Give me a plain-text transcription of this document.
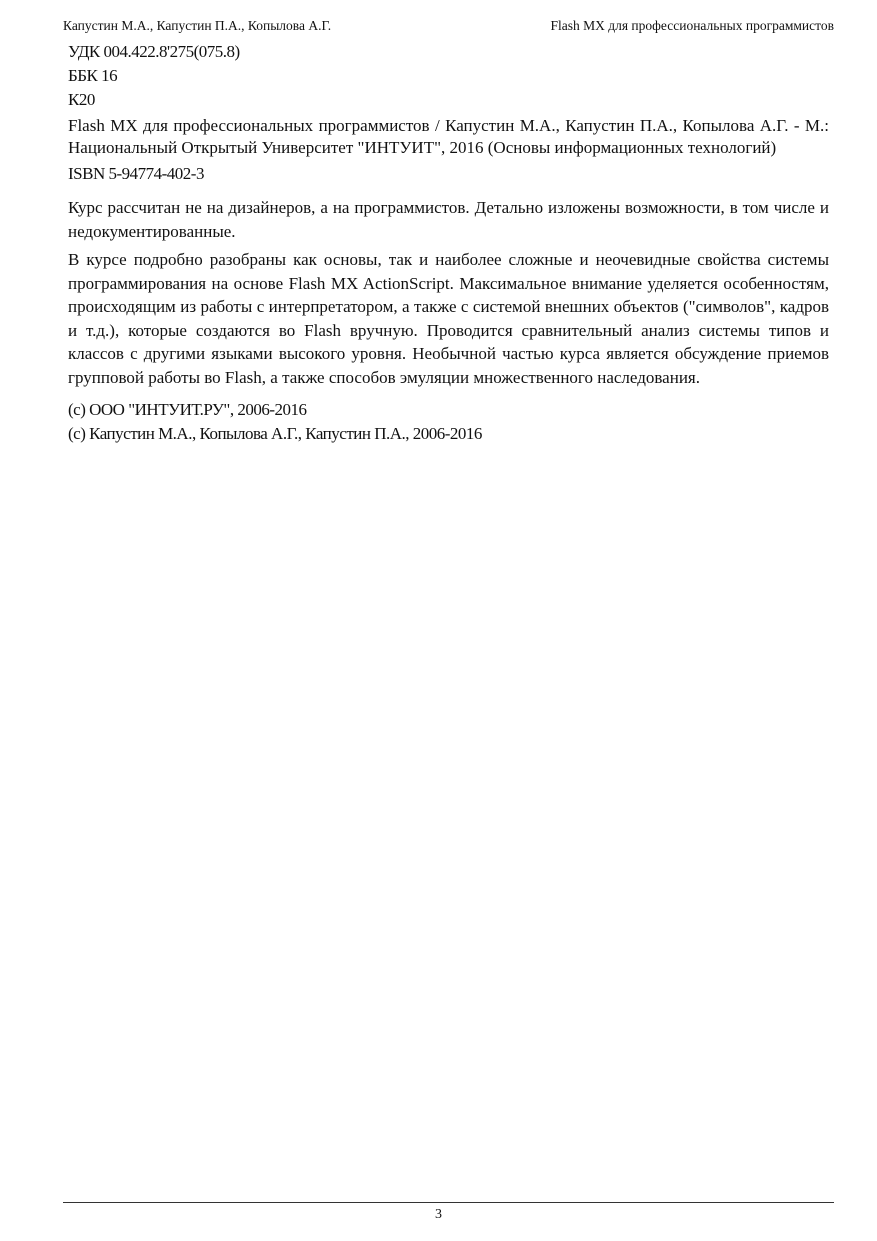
Капустин М.А., Капустин П.А., Копылова А.Г.	Flash MX для профессиональных программистов
УДК 004.422.8'275(075.8)
ББК 16
К20
Flash MX для профессиональных программистов / Капустин М.А., Капустин П.А., Копылова А.Г. - М.: Национальный Открытый Университет "ИНТУИТ", 2016 (Основы информационных технологий)
ISBN 5-94774-402-3
Курс рассчитан не на дизайнеров, а на программистов. Детально изложены возможности, в том числе и недокументированные.
В курсе подробно разобраны как основы, так и наиболее сложные и неочевидные свойства системы программирования на основе Flash MX ActionScript. Максимальное внимание уделяется особенностям, происходящим из работы с интерпретатором, а также с системой внешних объектов ("символов", кадров и т.д.), которые создаются во Flash вручную. Проводится сравнительный анализ системы типов и классов с другими языками высокого уровня. Необычной частью курса является обсуждение приемов групповой работы во Flash, а также способов эмуляции множественного наследования.
(c) ООО "ИНТУИТ.РУ", 2006-2016
(c) Капустин М.А., Копылова А.Г., Капустин П.А., 2006-2016
3
